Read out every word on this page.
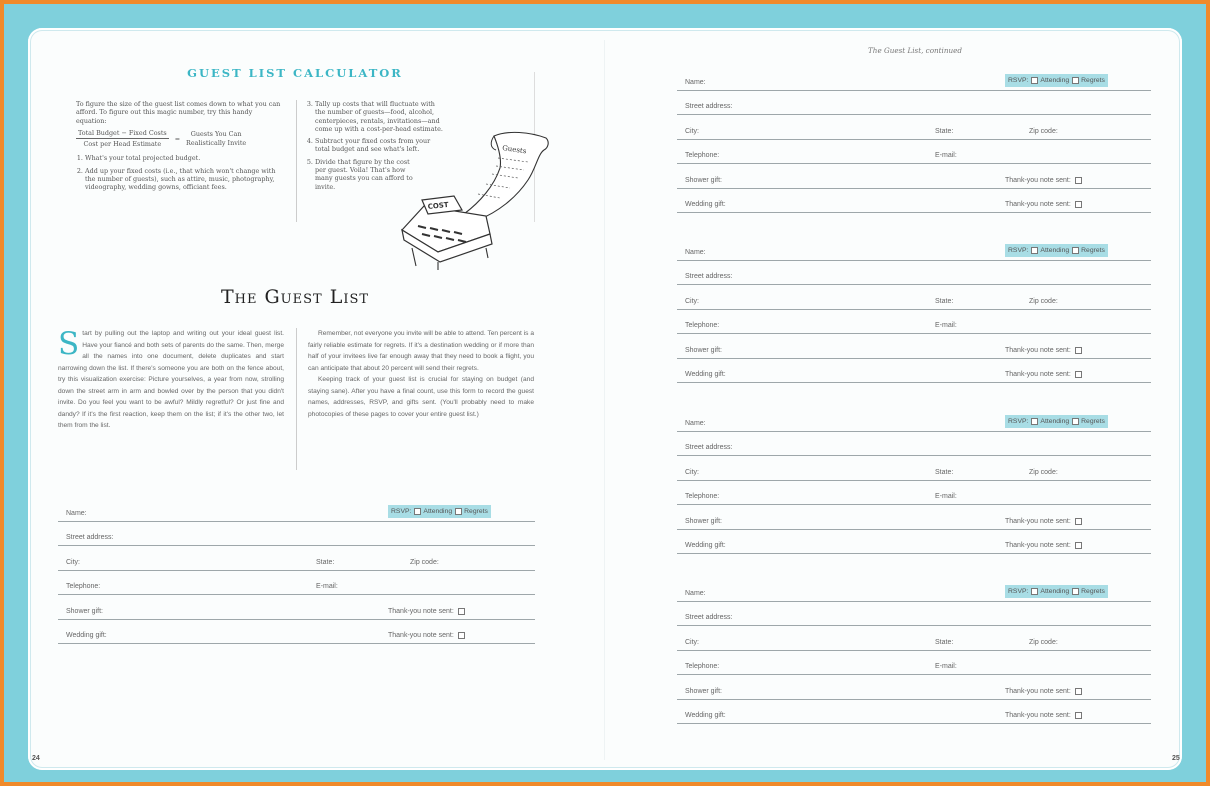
GUEST LIST CALCULATOR

To figure the size of the guest list comes down to what you can afford. To figure out this magic number, try this handy equation:

$\frac{\text{Total Budget − Fixed Costs}}{\text{Cost per Head Estimate}}$ =
Guests You Can
Realistically Invite
1. What's your total projected budget.
2. Add up your fixed costs (i.e., that which won't change with the number of guests), such as attire, music, photography, videography, wedding gowns, officiant fees.
3. Tally up costs that will fluctuate with the number of guests—food, alcohol, centerpieces, rentals, invitations—and come up with a cost-per-head estimate.
4. Subtract your fixed costs from your total budget and see what's left.
5. Divide that figure by the cost per guest. Voila! That's how many guests you can afford to invite.
Guests
COST
The Guest List
Start by pulling out the laptop and writing out your ideal guest list. Have your fiancé and both sets of parents do the same. Then, merge all the names into one document, delete duplicates and start narrowing down the list. If there's someone you are both on the fence about, try this visualization exercise: Picture yourselves, a year from now, strolling down the street arm in arm and bowled over by the person that you didn't invite. Do you feel you want to be awful? Mildly regretful? Or just fine and dandy? If it's the first reaction, keep them on the list; if it's the other two, let them from the list.
Remember, not everyone you invite will be able to attend. Ten percent is a fairly reliable estimate for regrets. If it's a destination wedding or if more than half of your invitees live far enough away that they need to book a flight, you can anticipate that about 20 percent will send their regrets.
Keeping track of your guest list is crucial for staying on budget (and staying sane). After you have a final count, use this form to record the guest names, addresses, RSVP, and gifts sent. (You'll probably need to make photocopies of these pages to cover your entire guest list.)
Name:	RSVP: Attending Regrets
Street address:
City:	State:	Zip code:
Telephone:	E-mail:
Shower gift:	Thank-you note sent:
Wedding gift:	Thank-you note sent:
The Guest List, continued
Name:	RSVP: Attending Regrets
Street address:
City:	State:	Zip code:
Telephone:	E-mail:
Shower gift:	Thank-you note sent:
Wedding gift:	Thank-you note sent:
Name:	RSVP: Attending Regrets
Street address:
City:	State:	Zip code:
Telephone:	E-mail:
Shower gift:	Thank-you note sent:
Wedding gift:	Thank-you note sent:
Name:	RSVP: Attending Regrets
Street address:
City:	State:	Zip code:
Telephone:	E-mail:
Shower gift:	Thank-you note sent:
Wedding gift:	Thank-you note sent:
Name:	RSVP: Attending Regrets
Street address:
City:	State:	Zip code:
Telephone:	E-mail:
Shower gift:	Thank-you note sent:
Wedding gift:	Thank-you note sent:
24	25
